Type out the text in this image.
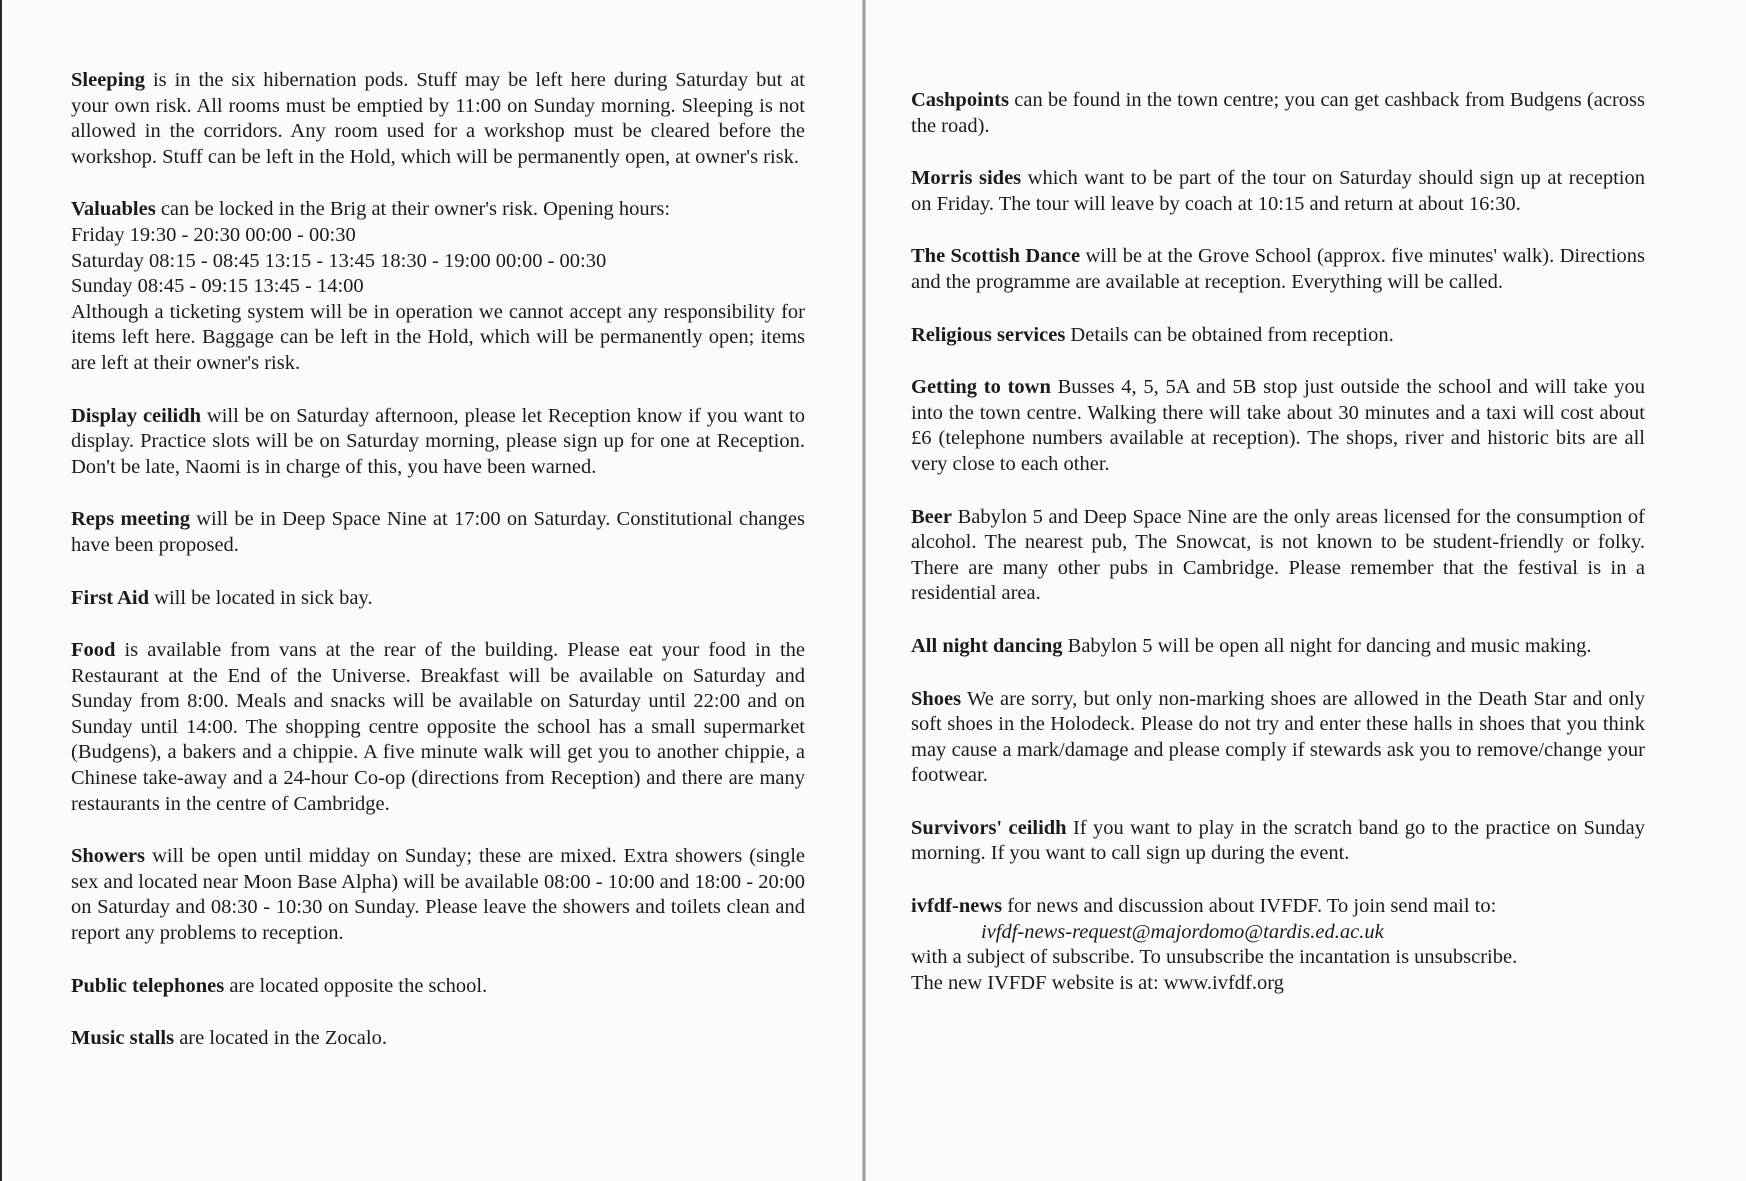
Sleeping is in the six hibernation pods. Stuff may be left here during Saturday but at your own risk. All rooms must be emptied by 11:00 on Sunday morning. Sleeping is not allowed in the corridors. Any room used for a workshop must be cleared before the workshop. Stuff can be left in the Hold, which will be permanently open, at owner's risk.

Valuables can be locked in the Brig at their owner's risk. Opening hours:
Friday 19:30 - 20:30 00:00 - 00:30
Saturday 08:15 - 08:45 13:15 - 13:45 18:30 - 19:00 00:00 - 00:30
Sunday 08:45 - 09:15 13:45 - 14:00
Although a ticketing system will be in operation we cannot accept any responsibility for items left here. Baggage can be left in the Hold, which will be permanently open; items are left at their owner's risk.

Display ceilidh will be on Saturday afternoon, please let Reception know if you want to display. Practice slots will be on Saturday morning, please sign up for one at Reception. Don't be late, Naomi is in charge of this, you have been warned.

Reps meeting will be in Deep Space Nine at 17:00 on Saturday. Constitutional changes have been proposed.

First Aid will be located in sick bay.

Food is available from vans at the rear of the building. Please eat your food in the Restaurant at the End of the Universe. Breakfast will be available on Saturday and Sunday from 8:00. Meals and snacks will be available on Saturday until 22:00 and on Sunday until 14:00. The shopping centre opposite the school has a small supermarket (Budgens), a bakers and a chippie. A five minute walk will get you to another chippie, a Chinese take-away and a 24-hour Co-op (directions from Reception) and there are many restaurants in the centre of Cambridge.

Showers will be open until midday on Sunday; these are mixed. Extra showers (single sex and located near Moon Base Alpha) will be available 08:00 - 10:00 and 18:00 - 20:00 on Saturday and 08:30 - 10:30 on Sunday. Please leave the showers and toilets clean and report any problems to reception.

Public telephones are located opposite the school.

Music stalls are located in the Zocalo.

Cashpoints can be found in the town centre; you can get cashback from Budgens (across the road).

Morris sides which want to be part of the tour on Saturday should sign up at reception on Friday. The tour will leave by coach at 10:15 and return at about 16:30.

The Scottish Dance will be at the Grove School (approx. five minutes' walk). Directions and the programme are available at reception. Everything will be called.

Religious services Details can be obtained from reception.

Getting to town Busses 4, 5, 5A and 5B stop just outside the school and will take you into the town centre. Walking there will take about 30 minutes and a taxi will cost about £6 (telephone numbers available at reception). The shops, river and historic bits are all very close to each other.

Beer Babylon 5 and Deep Space Nine are the only areas licensed for the consumption of alcohol. The nearest pub, The Snowcat, is not known to be student-friendly or folky. There are many other pubs in Cambridge. Please remember that the festival is in a residential area.

All night dancing Babylon 5 will be open all night for dancing and music making.

Shoes We are sorry, but only non-marking shoes are allowed in the Death Star and only soft shoes in the Holodeck. Please do not try and enter these halls in shoes that you think may cause a mark/damage and please comply if stewards ask you to remove/change your footwear.

Survivors' ceilidh If you want to play in the scratch band go to the practice on Sunday morning. If you want to call sign up during the event.

ivfdf-news for news and discussion about IVFDF. To join send mail to:
ivfdf-news-request@majordomo@tardis.ed.ac.uk
with a subject of subscribe. To unsubscribe the incantation is unsubscribe.
The new IVFDF website is at: www.ivfdf.org
